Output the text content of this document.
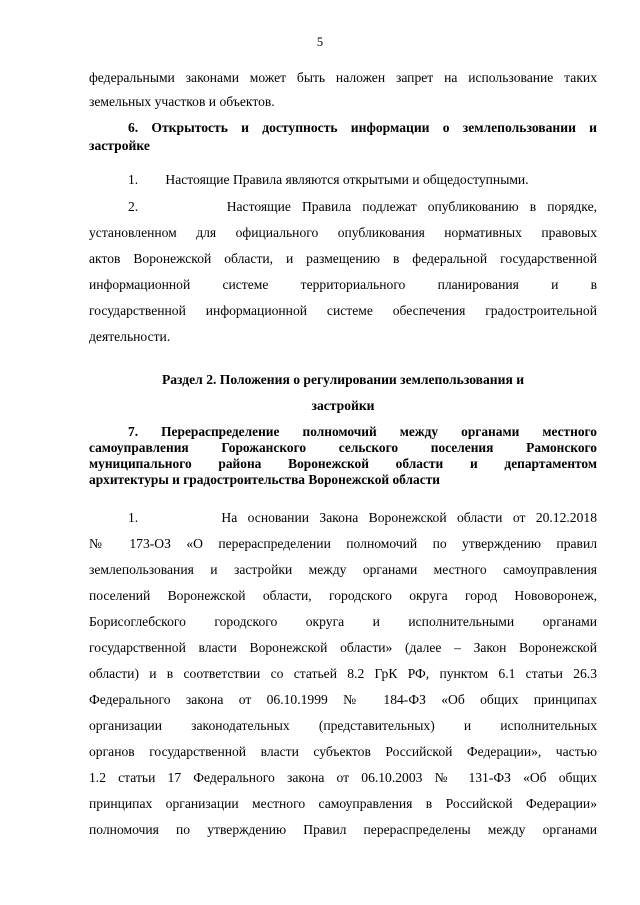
5
федеральными законами может быть наложен запрет на использование таких
земельных участков и объектов.
6. Открытость и доступность информации о землепользовании и
застройке
1.        Настоящие Правила являются открытыми и общедоступными.
2.        Настоящие Правила подлежат опубликованию в порядке,
установленном для официального опубликования нормативных правовых
актов Воронежской области, и размещению в федеральной государственной
информационной системе территориального планирования и в
государственной информационной системе обеспечения градостроительной
деятельности.
Раздел 2. Положения о регулировании землепользования и
застройки
7. Перераспределение полномочий между органами местного
самоуправления Горожанского сельского поселения Рамонского
муниципального района Воронежской области и департаментом
архитектуры и градостроительства Воронежской области
1.        На основании Закона Воронежской области от 20.12.2018
№ 173-ОЗ «О перераспределении полномочий по утверждению правил
землепользования и застройки между органами местного самоуправления
поселений Воронежской области, городского округа город Нововоронеж,
Борисоглебского городского округа и исполнительными органами
государственной власти Воронежской области» (далее – Закон Воронежской
области) и в соответствии со статьей 8.2 ГрК РФ, пунктом 6.1 статьи 26.3
Федерального закона от 06.10.1999 № 184-ФЗ «Об общих принципах
организации законодательных (представительных) и исполнительных
органов государственной власти субъектов Российской Федерации», частью
1.2 статьи 17 Федерального закона от 06.10.2003 № 131-ФЗ «Об общих
принципах организации местного самоуправления в Российской Федерации»
полномочия по утверждению Правил перераспределены между органами
